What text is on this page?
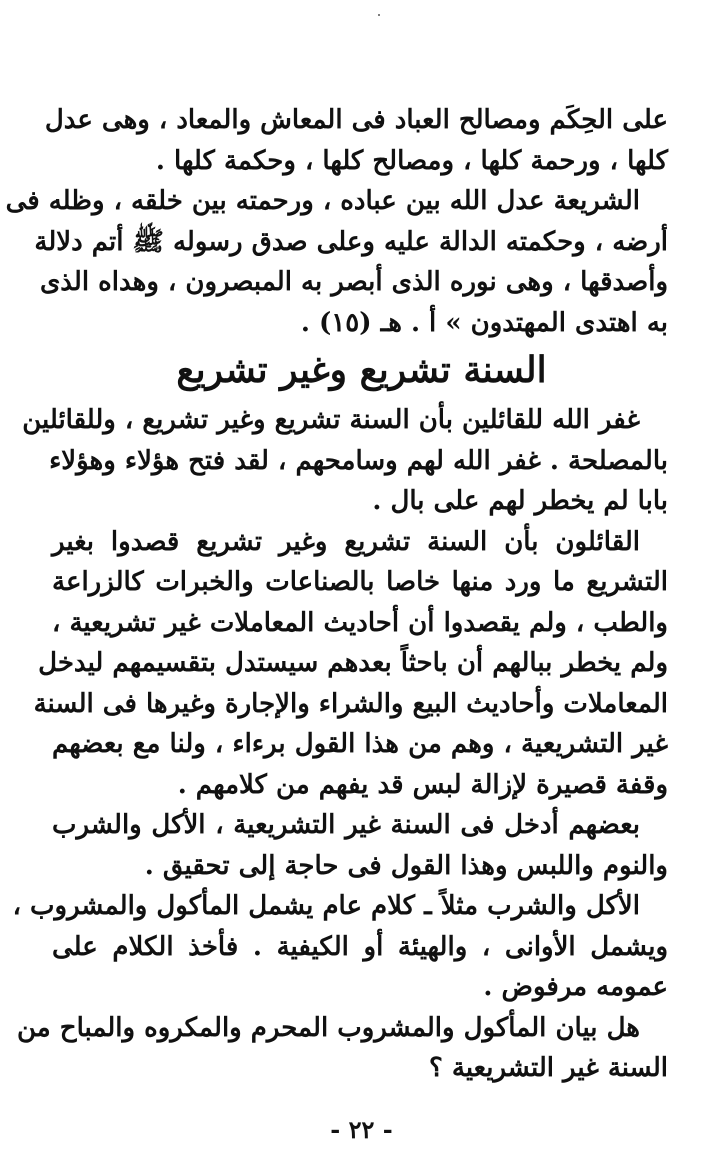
على الحِكَم ومصالح العباد فى المعاش والمعاد ، وهى عدل
كلها ، ورحمة كلها ، ومصالح كلها ، وحكمة كلها .
الشريعة عدل الله بين عباده ، ورحمته بين خلقه ، وظله فى
أرضه ، وحكمته الدالة عليه وعلى صدق رسوله ﷺ أتم دلالة
وأصدقها ، وهى نوره الذى أبصر به المبصرون ، وهداه الذى
به اهتدى المهتدون » أ . هـ (١٥) .
السنة تشريع وغير تشريع
غفر الله للقائلين بأن السنة تشريع وغير تشريع ، وللقائلين
بالمصلحة . غفر الله لهم وسامحهم ، لقد فتح هؤلاء وهؤلاء
بابا لم يخطر لهم على بال .
القائلون بأن السنة تشريع وغير تشريع قصدوا بغير
التشريع ما ورد منها خاصا بالصناعات والخبرات كالزراعة
والطب ، ولم يقصدوا أن أحاديث المعاملات غير تشريعية ،
ولم يخطر ببالهم أن باحثاً بعدهم سيستدل بتقسيمهم ليدخل
المعاملات وأحاديث البيع والشراء والإجارة وغيرها فى السنة
غير التشريعية ، وهم من هذا القول برءاء ، ولنا مع بعضهم
وقفة قصيرة لإزالة لبس قد يفهم من كلامهم .
بعضهم أدخل فى السنة غير التشريعية ، الأكل والشرب
والنوم واللبس وهذا القول فى حاجة إلى تحقيق .
الأكل والشرب مثلاً ـ كلام عام يشمل المأكول والمشروب ،
ويشمل الأوانى ، والهيئة أو الكيفية . فأخذ الكلام على
عمومه مرفوض .
هل بيان المأكول والمشروب المحرم والمكروه والمباح من
السنة غير التشريعية ؟
- ٢٢ -
